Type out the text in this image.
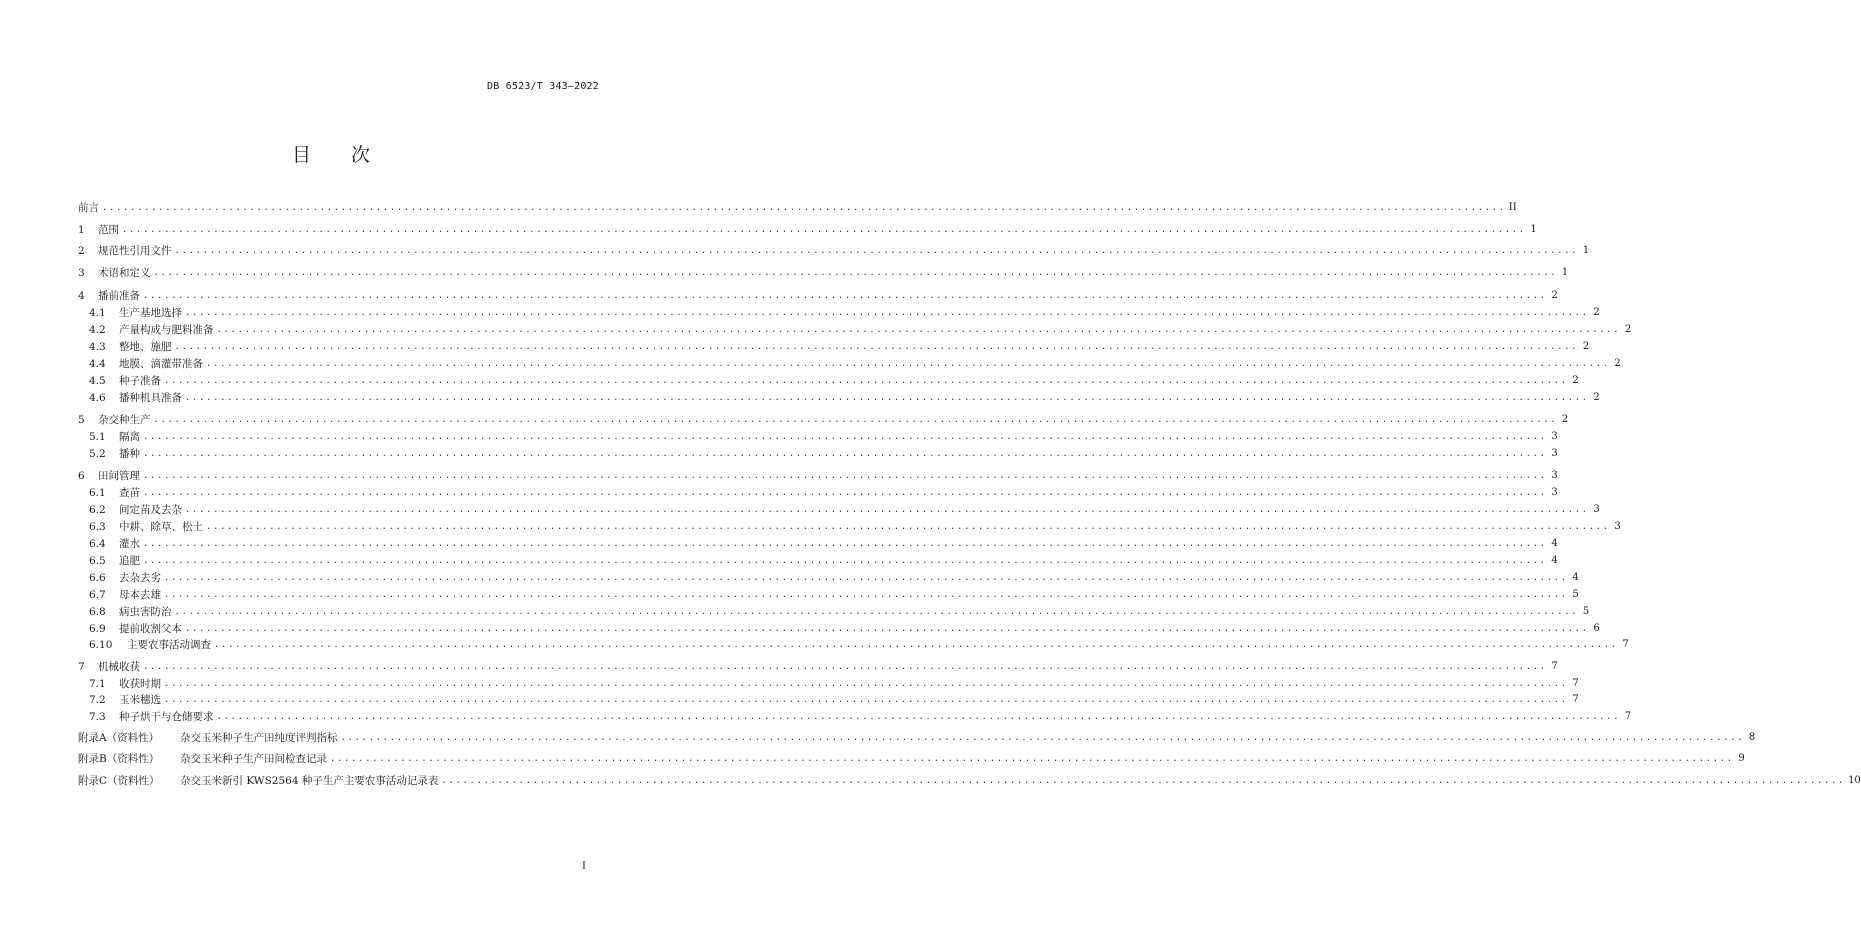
DB 6523/T 343—2022
目 次
前言 ........................................................................................................................................................................................................ II
1	范围 ........................................................................................................................................................................................................ 1
2	规范性引用文件 ........................................................................................................................................................................................................ 1
3	术语和定义 ........................................................................................................................................................................................................ 1
4	播前准备 ........................................................................................................................................................................................................ 2
4.1	生产基地选择 ........................................................................................................................................................................................................ 2
4.2	产量构成与肥料准备 ........................................................................................................................................................................................................ 2
4.3	整地、施肥 ........................................................................................................................................................................................................ 2
4.4	地膜、滴灌带准备 ........................................................................................................................................................................................................ 2
4.5	种子准备 ........................................................................................................................................................................................................ 2
4.6	播种机具准备 ........................................................................................................................................................................................................ 2
5	杂交种生产 ........................................................................................................................................................................................................ 2
5.1	隔离 ........................................................................................................................................................................................................ 3
5.2	播种 ........................................................................................................................................................................................................ 3
6	田间管理 ........................................................................................................................................................................................................ 3
6.1	查苗 ........................................................................................................................................................................................................ 3
6.2	间定苗及去杂 ........................................................................................................................................................................................................ 3
6.3	中耕、除草、松土 ........................................................................................................................................................................................................ 3
6.4	灌水 ........................................................................................................................................................................................................ 4
6.5	追肥 ........................................................................................................................................................................................................ 4
6.6	去杂去劣 ........................................................................................................................................................................................................ 4
6.7	母本去雄 ........................................................................................................................................................................................................ 5
6.8	病虫害防治 ........................................................................................................................................................................................................ 5
6.9	提前收割父本 ........................................................................................................................................................................................................ 6
6.10	主要农事活动调查 ........................................................................................................................................................................................................ 7
7	机械收获 ........................................................................................................................................................................................................ 7
7.1	收获时期 ........................................................................................................................................................................................................ 7
7.2	玉米穗选 ........................................................................................................................................................................................................ 7
7.3	种子烘干与仓储要求 ........................................................................................................................................................................................................ 7
附录A（资料性）	杂交玉米种子生产田纯度评判指标 ........................................................................................................................................................................................................ 8
附录B（资料性）	杂交玉米种子生产田间检查记录 ........................................................................................................................................................................................................ 9
附录C（资料性）	杂交玉米新引 KWS2564 种子生产主要农事活动记录表 ........................................................................................................................................................................................................ 10
I
